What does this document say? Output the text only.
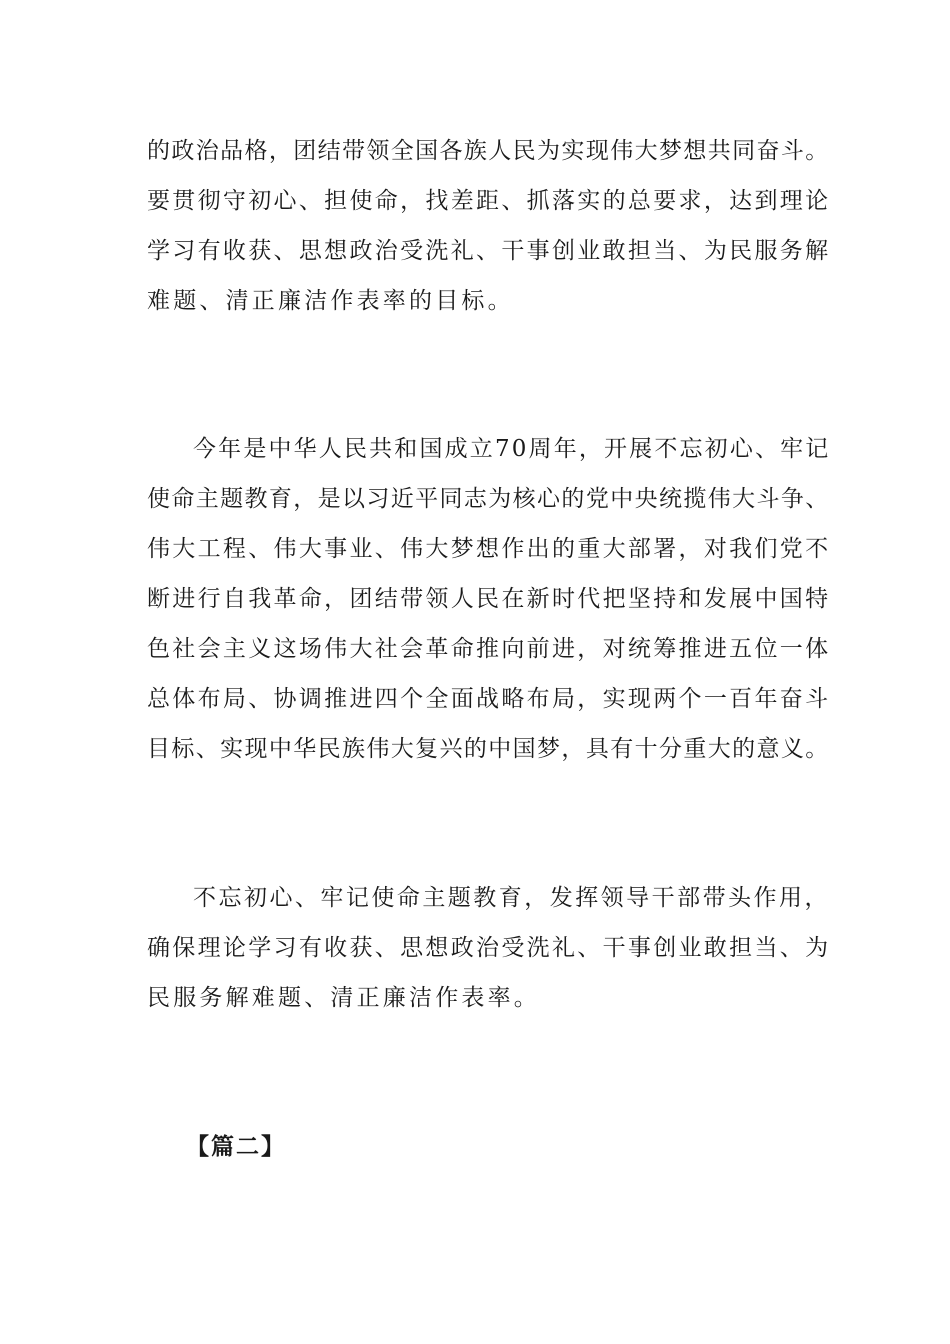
的政治品格，团结带领全国各族人民为实现伟大梦想共同奋斗。
要贯彻守初心、担使命，找差距、抓落实的总要求，达到理论
学习有收获、思想政治受洗礼、干事创业敢担当、为民服务解
难题、清正廉洁作表率的目标。
今年是中华人民共和国成立70周年，开展不忘初心、牢记
使命主题教育，是以习近平同志为核心的党中央统揽伟大斗争、
伟大工程、伟大事业、伟大梦想作出的重大部署，对我们党不
断进行自我革命，团结带领人民在新时代把坚持和发展中国特
色社会主义这场伟大社会革命推向前进，对统筹推进五位一体
总体布局、协调推进四个全面战略布局，实现两个一百年奋斗
目标、实现中华民族伟大复兴的中国梦，具有十分重大的意义。
不忘初心、牢记使命主题教育，发挥领导干部带头作用，
确保理论学习有收获、思想政治受洗礼、干事创业敢担当、为
民服务解难题、清正廉洁作表率。
【篇二】
